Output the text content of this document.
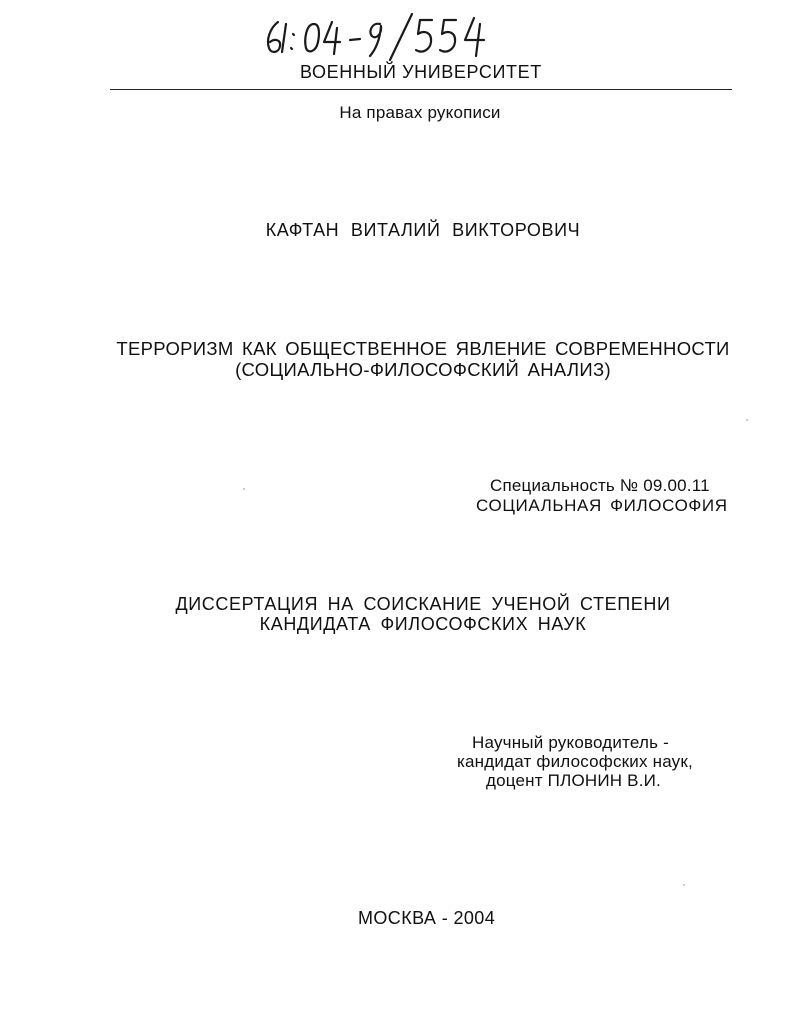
ВОЕННЫЙ УНИВЕРСИТЕТ
На правах рукописи
КАФТАН ВИТАЛИЙ ВИКТОРОВИЧ
ТЕРРОРИЗМ КАК ОБЩЕСТВЕННОЕ ЯВЛЕНИЕ СОВРЕМЕННОСТИ
(СОЦИАЛЬНО-ФИЛОСОФСКИЙ АНАЛИЗ)
Специальность № 09.00.11
СОЦИАЛЬНАЯ ФИЛОСОФИЯ
ДИССЕРТАЦИЯ НА СОИСКАНИЕ УЧЕНОЙ СТЕПЕНИ
КАНДИДАТА ФИЛОСОФСКИХ НАУК
Научный руководитель -
кандидат философских наук,
доцент ПЛОНИН В.И.
МОСКВА - 2004
